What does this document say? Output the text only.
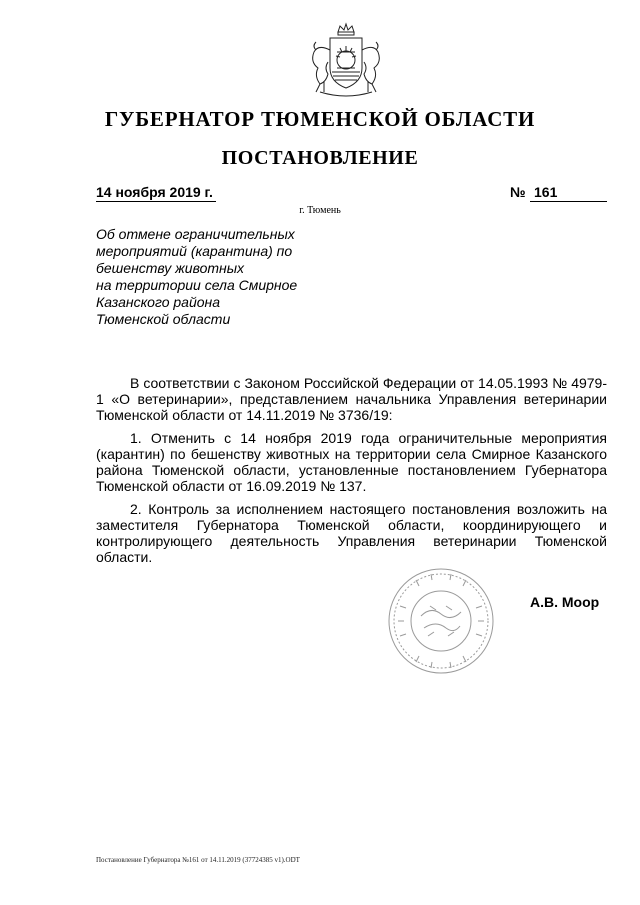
ГУБЕРНАТОР ТЮМЕНСКОЙ ОБЛАСТИ
ПОСТАНОВЛЕНИЕ
14 ноября 2019 г.	№ 161
г. Тюмень
Об отмене ограничительных
мероприятий (карантина) по
бешенству животных
на территории села Смирное
Казанского района
Тюменской области

В соответствии с Законом Российской Федерации от 14.05.1993 № 4979-1 «О ветеринарии», представлением начальника Управления ветеринарии Тюменской области от 14.11.2019 № 3736/19:

1. Отменить с 14 ноября 2019 года ограничительные мероприятия (карантин) по бешенству животных на территории села Смирное Казанского района Тюменской области, установленные постановлением Губернатора Тюменской области от 16.09.2019 № 137.

2. Контроль за исполнением настоящего постановления возложить на заместителя Губернатора Тюменской области, координирующего и контролирующего деятельность Управления ветеринарии Тюменской области.

А.В. Моор
Постановление Губернатора №161 от 14.11.2019 (37724385 v1).ODT
